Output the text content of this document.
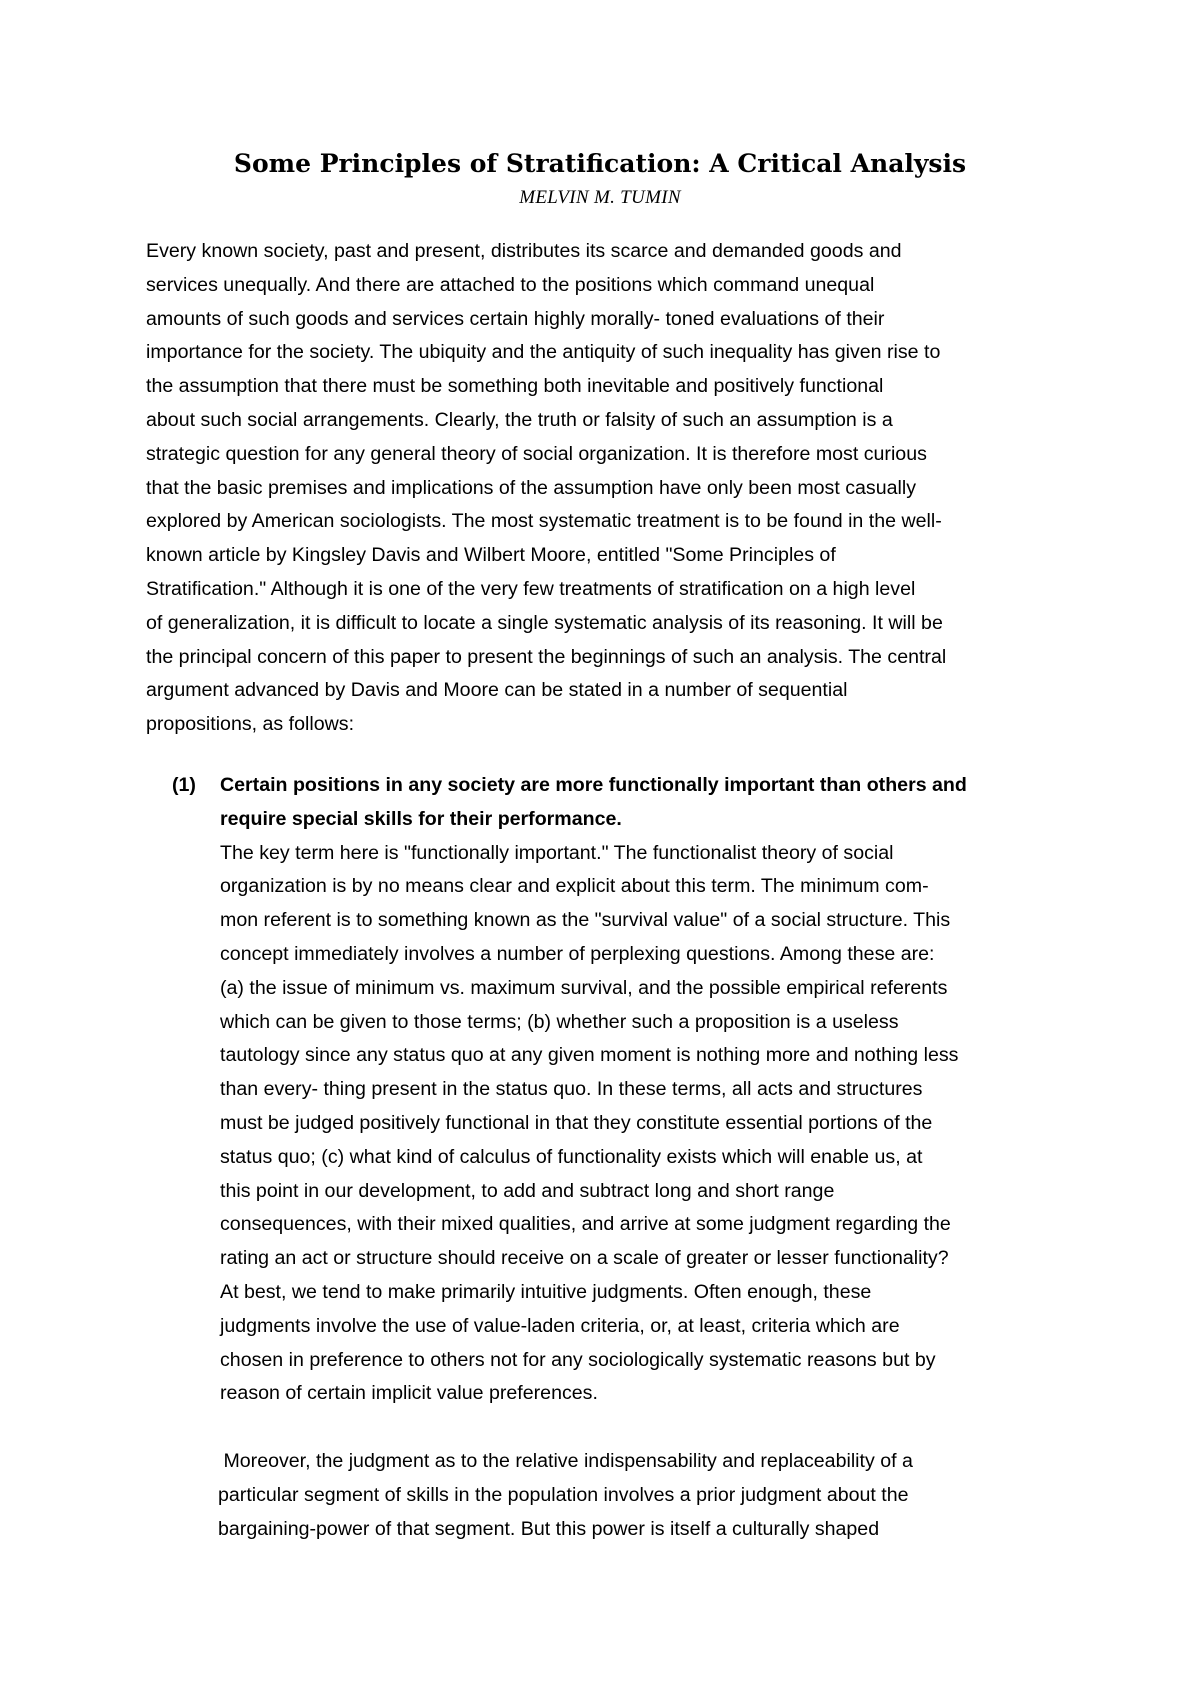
Some Principles of Stratification: A Critical Analysis
MELVIN M. TUMIN
Every known society, past and present, distributes its scarce and demanded goods and
services unequally. And there are attached to the positions which command unequal
amounts of such goods and services certain highly morally- toned evaluations of their
importance for the society. The ubiquity and the antiquity of such inequality has given rise to
the assumption that there must be something both inevitable and positively functional
about such social arrangements. Clearly, the truth or falsity of such an assumption is a
strategic question for any general theory of social organization. It is therefore most curious
that the basic premises and implications of the assumption have only been most casually
explored by American sociologists. The most systematic treatment is to be found in the well-
known article by Kingsley Davis and Wilbert Moore, entitled "Some Principles of
Stratification." Although it is one of the very few treatments of stratification on a high level
of generalization, it is difficult to locate a single systematic analysis of its reasoning. It will be
the principal concern of this paper to present the beginnings of such an analysis. The central
argument advanced by Davis and Moore can be stated in a number of sequential
propositions, as follows:
(1) Certain positions in any society are more functionally important than others and
require special skills for their performance.
The key term here is "functionally important." The functionalist theory of social
organization is by no means clear and explicit about this term. The minimum com-
mon referent is to something known as the "survival value" of a social structure. This
concept immediately involves a number of perplexing questions. Among these are:
(a) the issue of minimum vs. maximum survival, and the possible empirical referents
which can be given to those terms; (b) whether such a proposition is a useless
tautology since any status quo at any given moment is nothing more and nothing less
than every- thing present in the status quo. In these terms, all acts and structures
must be judged positively functional in that they constitute essential portions of the
status quo; (c) what kind of calculus of functionality exists which will enable us, at
this point in our development, to add and subtract long and short range
consequences, with their mixed qualities, and arrive at some judgment regarding the
rating an act or structure should receive on a scale of greater or lesser functionality?
At best, we tend to make primarily intuitive judgments. Often enough, these
judgments involve the use of value-laden criteria, or, at least, criteria which are
chosen in preference to others not for any sociologically systematic reasons but by
reason of certain implicit value preferences.
Moreover, the judgment as to the relative indispensability and replaceability of a
particular segment of skills in the population involves a prior judgment about the
bargaining-power of that segment. But this power is itself a culturally shaped
